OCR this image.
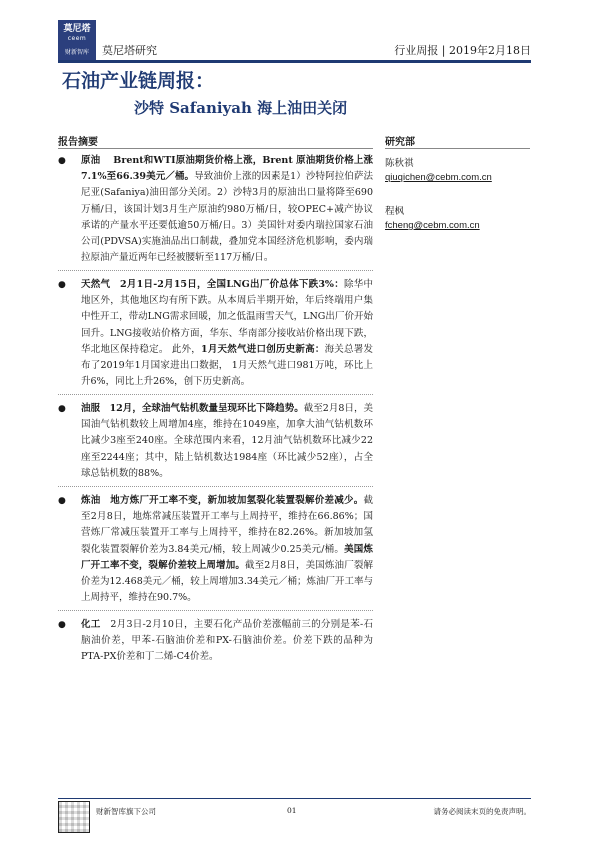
莫尼塔
ceem
财新智库	莫尼塔研究	行业周报 | 2019年2月18日
石油产业链周报：
沙特 Safaniyah 海上油田关闭
报告摘要	研究部
陈秋祺
qiuqichen@cebm.com.cn
程枫
fcheng@cebm.com.cn
● 原油　 Brent和WTI原油期货价格上涨，Brent 原油期货价格上涨7.1%至66.39美元／桶。导致油价上涨的因素是1）沙特阿拉伯萨法尼亚(Safaniya)油田部分关闭。2）沙特3月的原油出口量将降至690万桶/日，该国计划3月生产原油约980万桶/日，较OPEC+减产协议承诺的产量水平还要低逾50万桶/日。3）美国针对委内瑞拉国家石油公司(PDVSA)实施油品出口制裁，叠加党本国经济危机影响，委内瑞拉原油产量近两年已经被腰斩至117万桶/日。
● 天然气　2月1日-2月15日，全国LNG出厂价总体下跌3%：除华中地区外，其他地区均有所下跌。从本周后半期开始，年后终端用户集中性开工，带动LNG需求回暖，加之低温雨雪天气，LNG出厂价开始回升。LNG接收站价格方面，华东、华南部分接收站价格出现下跌，华北地区保持稳定。 此外，1月天然气进口创历史新高：海关总署发布了2019年1月国家进出口数据， 1月天然气进口981万吨，环比上升6%，同比上升26%，创下历史新高。
● 油服　12月，全球油气钻机数量呈现环比下降趋势。截至2月8日，美国油气钻机数较上周增加4座，维持在1049座，加拿大油气钻机数环比减少3座至240座。全球范围内来看，12月油气钻机数环比减少22座至2244座；其中，陆上钻机数达1984座（环比减少52座），占全球总钻机数的88%。
● 炼油　地方炼厂开工率不变，新加坡加氢裂化装置裂解价差减少。截至2月8日，地炼常减压装置开工率与上周持平，维持在66.86%；国营炼厂常减压装置开工率与上周持平，维持在82.26%。新加坡加氢裂化装置裂解价差为3.84美元/桶，较上周减少0.25美元/桶。美国炼厂开工率不变，裂解价差较上周增加。截至2月8日，美国炼油厂裂解价差为12.468美元／桶，较上周增加3.34美元／桶；炼油厂开工率与上周持平，维持在90.7%。
● 化工　2月3日-2月10日，主要石化产品价差涨幅前三的分别是苯-石脑油价差，甲苯-石脑油价差和PX-石脑油价差。价差下跌的品种为PTA-PX价差和丁二烯-C4价差。
财新智库旗下公司	01	请务必阅读末页的免责声明。
